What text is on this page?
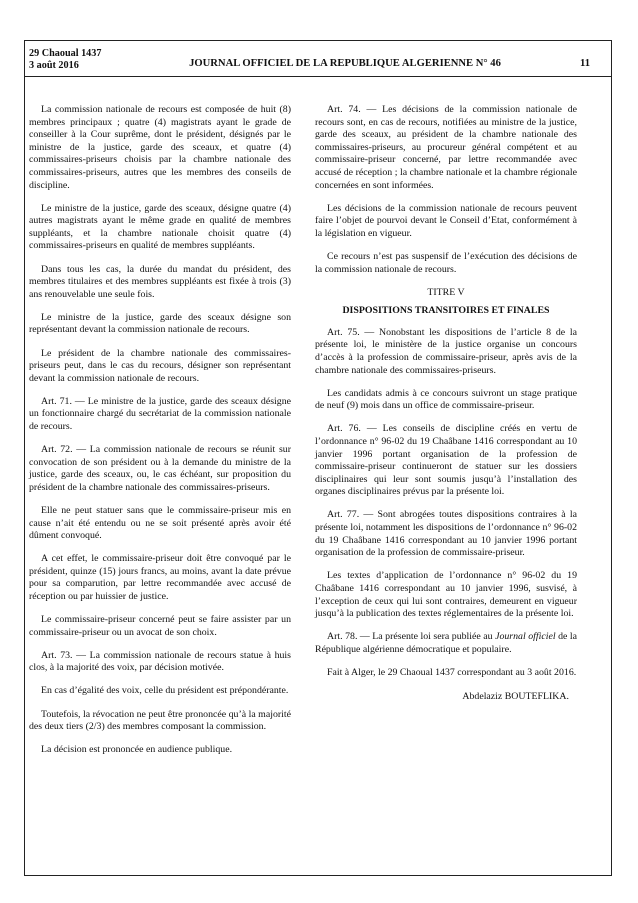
29 Chaoual 1437
3 août 2016	JOURNAL OFFICIEL DE LA REPUBLIQUE ALGERIENNE N° 46	11

La commission nationale de recours est composée de huit (8) membres principaux ; quatre (4) magistrats ayant le grade de conseiller à la Cour suprême, dont le président, désignés par le ministre de la justice, garde des sceaux, et quatre (4) commissaires-priseurs choisis par la chambre nationale des commissaires-priseurs, autres que les membres des conseils de discipline.

Le ministre de la justice, garde des sceaux, désigne quatre (4) autres magistrats ayant le même grade en qualité de membres suppléants, et la chambre nationale choisit quatre (4) commissaires-priseurs en qualité de membres suppléants.

Dans tous les cas, la durée du mandat du président, des membres titulaires et des membres suppléants est fixée à trois (3) ans renouvelable une seule fois.

Le ministre de la justice, garde des sceaux désigne son représentant devant la commission nationale de recours.

Le président de la chambre nationale des commissaires-priseurs peut, dans le cas du recours, désigner son représentant devant la commission nationale de recours.

Art. 71. — Le ministre de la justice, garde des sceaux désigne un fonctionnaire chargé du secrétariat de la commission nationale de recours.

Art. 72. — La commission nationale de recours se réunit sur convocation de son président ou à la demande du ministre de la justice, garde des sceaux, ou, le cas échéant, sur proposition du président de la chambre nationale des commissaires-priseurs.

Elle ne peut statuer sans que le commissaire-priseur mis en cause n’ait été entendu ou ne se soit présenté après avoir été dûment convoqué.

A cet effet, le commissaire-priseur doit être convoqué par le président, quinze (15) jours francs, au moins, avant la date prévue pour sa comparution, par lettre recommandée avec accusé de réception ou par huissier de justice.

Le commissaire-priseur concerné peut se faire assister par un commissaire-priseur ou un avocat de son choix.

Art. 73. — La commission nationale de recours statue à huis clos, à la majorité des voix, par décision motivée.

En cas d’égalité des voix, celle du président est prépondérante.

Toutefois, la révocation ne peut être prononcée qu’à la majorité des deux tiers (2/3) des membres composant la commission.

La décision est prononcée en audience publique.

Art. 74. — Les décisions de la commission nationale de recours sont, en cas de recours, notifiées au ministre de la justice, garde des sceaux, au président de la chambre nationale des commissaires-priseurs, au procureur général compétent et au commissaire-priseur concerné, par lettre recommandée avec accusé de réception ; la chambre nationale et la chambre régionale concernées en sont informées.

Les décisions de la commission nationale de recours peuvent faire l’objet de pourvoi devant le Conseil d’Etat, conformément à la législation en vigueur.

Ce recours n’est pas suspensif de l’exécution des décisions de la commission nationale de recours.

TITRE V

DISPOSITIONS TRANSITOIRES ET FINALES

Art. 75. — Nonobstant les dispositions de l’article 8 de la présente loi, le ministère de la justice organise un concours d’accès à la profession de commissaire-priseur, après avis de la chambre nationale des commissaires-priseurs.

Les candidats admis à ce concours suivront un stage pratique de neuf (9) mois dans un office de commissaire-priseur.

Art. 76. — Les conseils de discipline créés en vertu de l’ordonnance n° 96-02 du 19 Chaâbane 1416 correspondant au 10 janvier 1996 portant organisation de la profession de commissaire-priseur continueront de statuer sur les dossiers disciplinaires qui leur sont soumis jusqu’à l’installation des organes disciplinaires prévus par la présente loi.

Art. 77. — Sont abrogées toutes dispositions contraires à la présente loi, notamment les dispositions de l’ordonnance n° 96-02 du 19 Chaâbane 1416 correspondant au 10 janvier 1996 portant organisation de la profession de commissaire-priseur.

Les textes d’application de l’ordonnance n° 96-02 du 19 Chaâbane 1416 correspondant au 10 janvier 1996, susvisé, à l’exception de ceux qui lui sont contraires, demeurent en vigueur jusqu’à la publication des textes réglementaires de la présente loi.

Art. 78. — La présente loi sera publiée au Journal officiel de la République algérienne démocratique et populaire.

Fait à Alger, le 29 Chaoual 1437 correspondant au 3 août 2016.

Abdelaziz BOUTEFLIKA.
